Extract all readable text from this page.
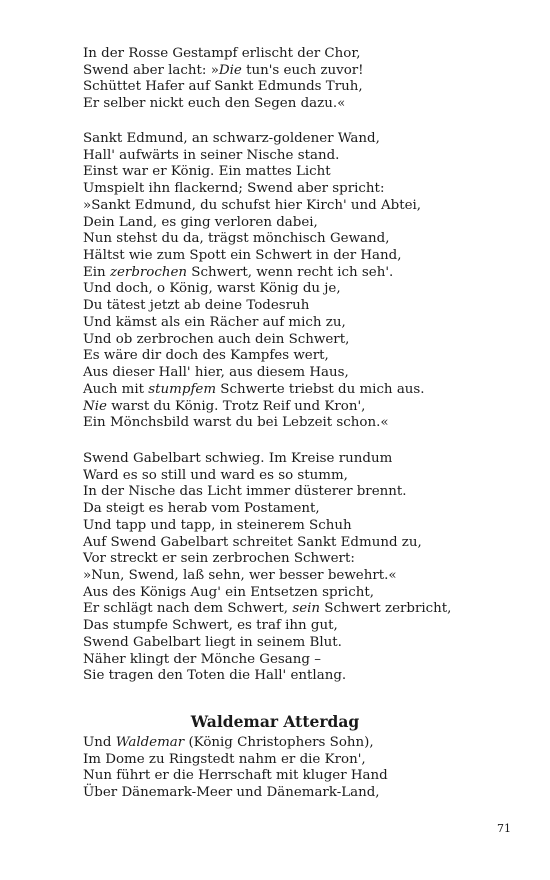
In der Rosse Gestampf erlischt der Chor,
Swend aber lacht: »Die tun's euch zuvor!
Schüttet Hafer auf Sankt Edmunds Truh,
Er selber nickt euch den Segen dazu.«
Sankt Edmund, an schwarz-goldener Wand,
Hall' aufwärts in seiner Nische stand.
Einst war er König. Ein mattes Licht
Umspielt ihn flackernd; Swend aber spricht:
»Sankt Edmund, du schufst hier Kirch' und Abtei,
Dein Land, es ging verloren dabei,
Nun stehst du da, trägst mönchisch Gewand,
Hältst wie zum Spott ein Schwert in der Hand,
Ein zerbrochen Schwert, wenn recht ich seh'.
Und doch, o König, warst König du je,
Du tätest jetzt ab deine Todesruh
Und kämst als ein Rächer auf mich zu,
Und ob zerbrochen auch dein Schwert,
Es wäre dir doch des Kampfes wert,
Aus dieser Hall' hier, aus diesem Haus,
Auch mit stumpfem Schwerte triebst du mich aus.
Nie warst du König. Trotz Reif und Kron',
Ein Mönchsbild warst du bei Lebzeit schon.«
Swend Gabelbart schwieg. Im Kreise rundum
Ward es so still und ward es so stumm,
In der Nische das Licht immer düsterer brennt.
Da steigt es herab vom Postament,
Und tapp und tapp, in steinerem Schuh
Auf Swend Gabelbart schreitet Sankt Edmund zu,
Vor streckt er sein zerbrochen Schwert:
»Nun, Swend, laß sehn, wer besser bewehrt.«
Aus des Königs Aug' ein Entsetzen spricht,
Er schlägt nach dem Schwert, sein Schwert zerbricht,
Das stumpfe Schwert, es traf ihn gut,
Swend Gabelbart liegt in seinem Blut.
Näher klingt der Mönche Gesang –
Sie tragen den Toten die Hall' entlang.
Waldemar Atterdag
Und Waldemar (König Christophers Sohn),
Im Dome zu Ringstedt nahm er die Kron',
Nun führt er die Herrschaft mit kluger Hand
Über Dänemark-Meer und Dänemark-Land,
71
